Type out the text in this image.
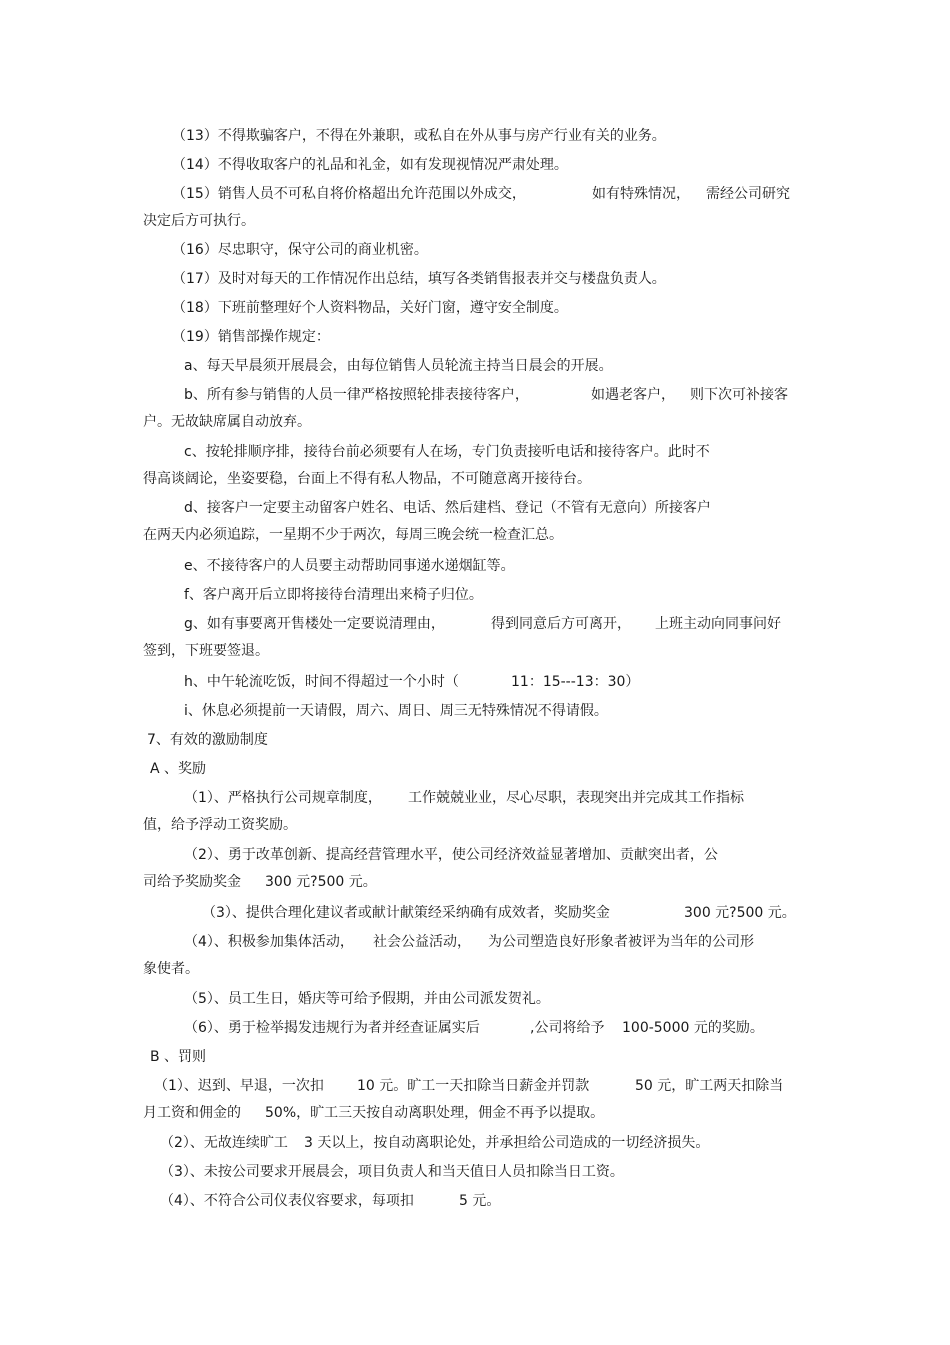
（13）不得欺骗客户，不得在外兼职，或私自在外从事与房产行业有关的业务。
（14）不得收取客户的礼品和礼金，如有发现视情况严肃处理。
（15）销售人员不可私自将价格超出允许范围以外成交，	如有特殊情况， 需经公司研究
决定后方可执行。
（16）尽忠职守，保守公司的商业机密。
（17）及时对每天的工作情况作出总结，填写各类销售报表并交与楼盘负责人。
（18）下班前整理好个人资料物品，关好门窗，遵守安全制度。
（19）销售部操作规定：
a、每天早晨须开展晨会，由每位销售人员轮流主持当日晨会的开展。
b、所有参与销售的人员一律严格按照轮排表接待客户，	如遇老客户， 则下次可补接客
户。无故缺席属自动放弃。
c、按轮排顺序排，接待台前必须要有人在场，专门负责接听电话和接待客户。此时不
得高谈阔论，坐姿要稳，台面上不得有私人物品，不可随意离开接待台。
d、接客户一定要主动留客户姓名、电话、然后建档、登记（不管有无意向）所接客户
在两天内必须追踪，一星期不少于两次，每周三晚会统一检查汇总。
e、不接待客户的人员要主动帮助同事递水递烟缸等。
f、客户离开后立即将接待台清理出来椅子归位。
g、如有事要离开售楼处一定要说清理由，	得到同意后方可离开， 上班主动向同事问好
签到，下班要签退。
h、中午轮流吃饭，时间不得超过一个小时（	11：15---13：30）
i、休息必须提前一天请假，周六、周日、周三无特殊情况不得请假。
7、有效的激励制度
A 、奖励
（1）、严格执行公司规章制度， 工作兢兢业业，尽心尽职，表现突出并完成其工作指标
值，给予浮动工资奖励。
（2）、勇于改革创新、提高经营管理水平，使公司经济效益显著增加、贡献突出者，公
司给予奖励奖金 300 元?500 元。
（3）、提供合理化建议者或献计献策经采纳确有成效者，奖励奖金	300 元?500 元。
（4）、积极参加集体活动， 社会公益活动， 为公司塑造良好形象者被评为当年的公司形
象使者。
（5）、员工生日，婚庆等可给予假期，并由公司派发贺礼。
（6）、勇于检举揭发违规行为者并经查证属实后	,公司将给予 100-5000 元的奖励。
B 、罚则
（1）、迟到、早退，一次扣 10 元。旷工一天扣除当日薪金并罚款	50 元，旷工两天扣除当
月工资和佣金的 50%，旷工三天按自动离职处理，佣金不再予以提取。
（2）、无故连续旷工 3 天以上，按自动离职论处，并承担给公司造成的一切经济损失。
（3）、未按公司要求开展晨会，项目负责人和当天值日人员扣除当日工资。
（4）、不符合公司仪表仪容要求，每项扣	5 元。
